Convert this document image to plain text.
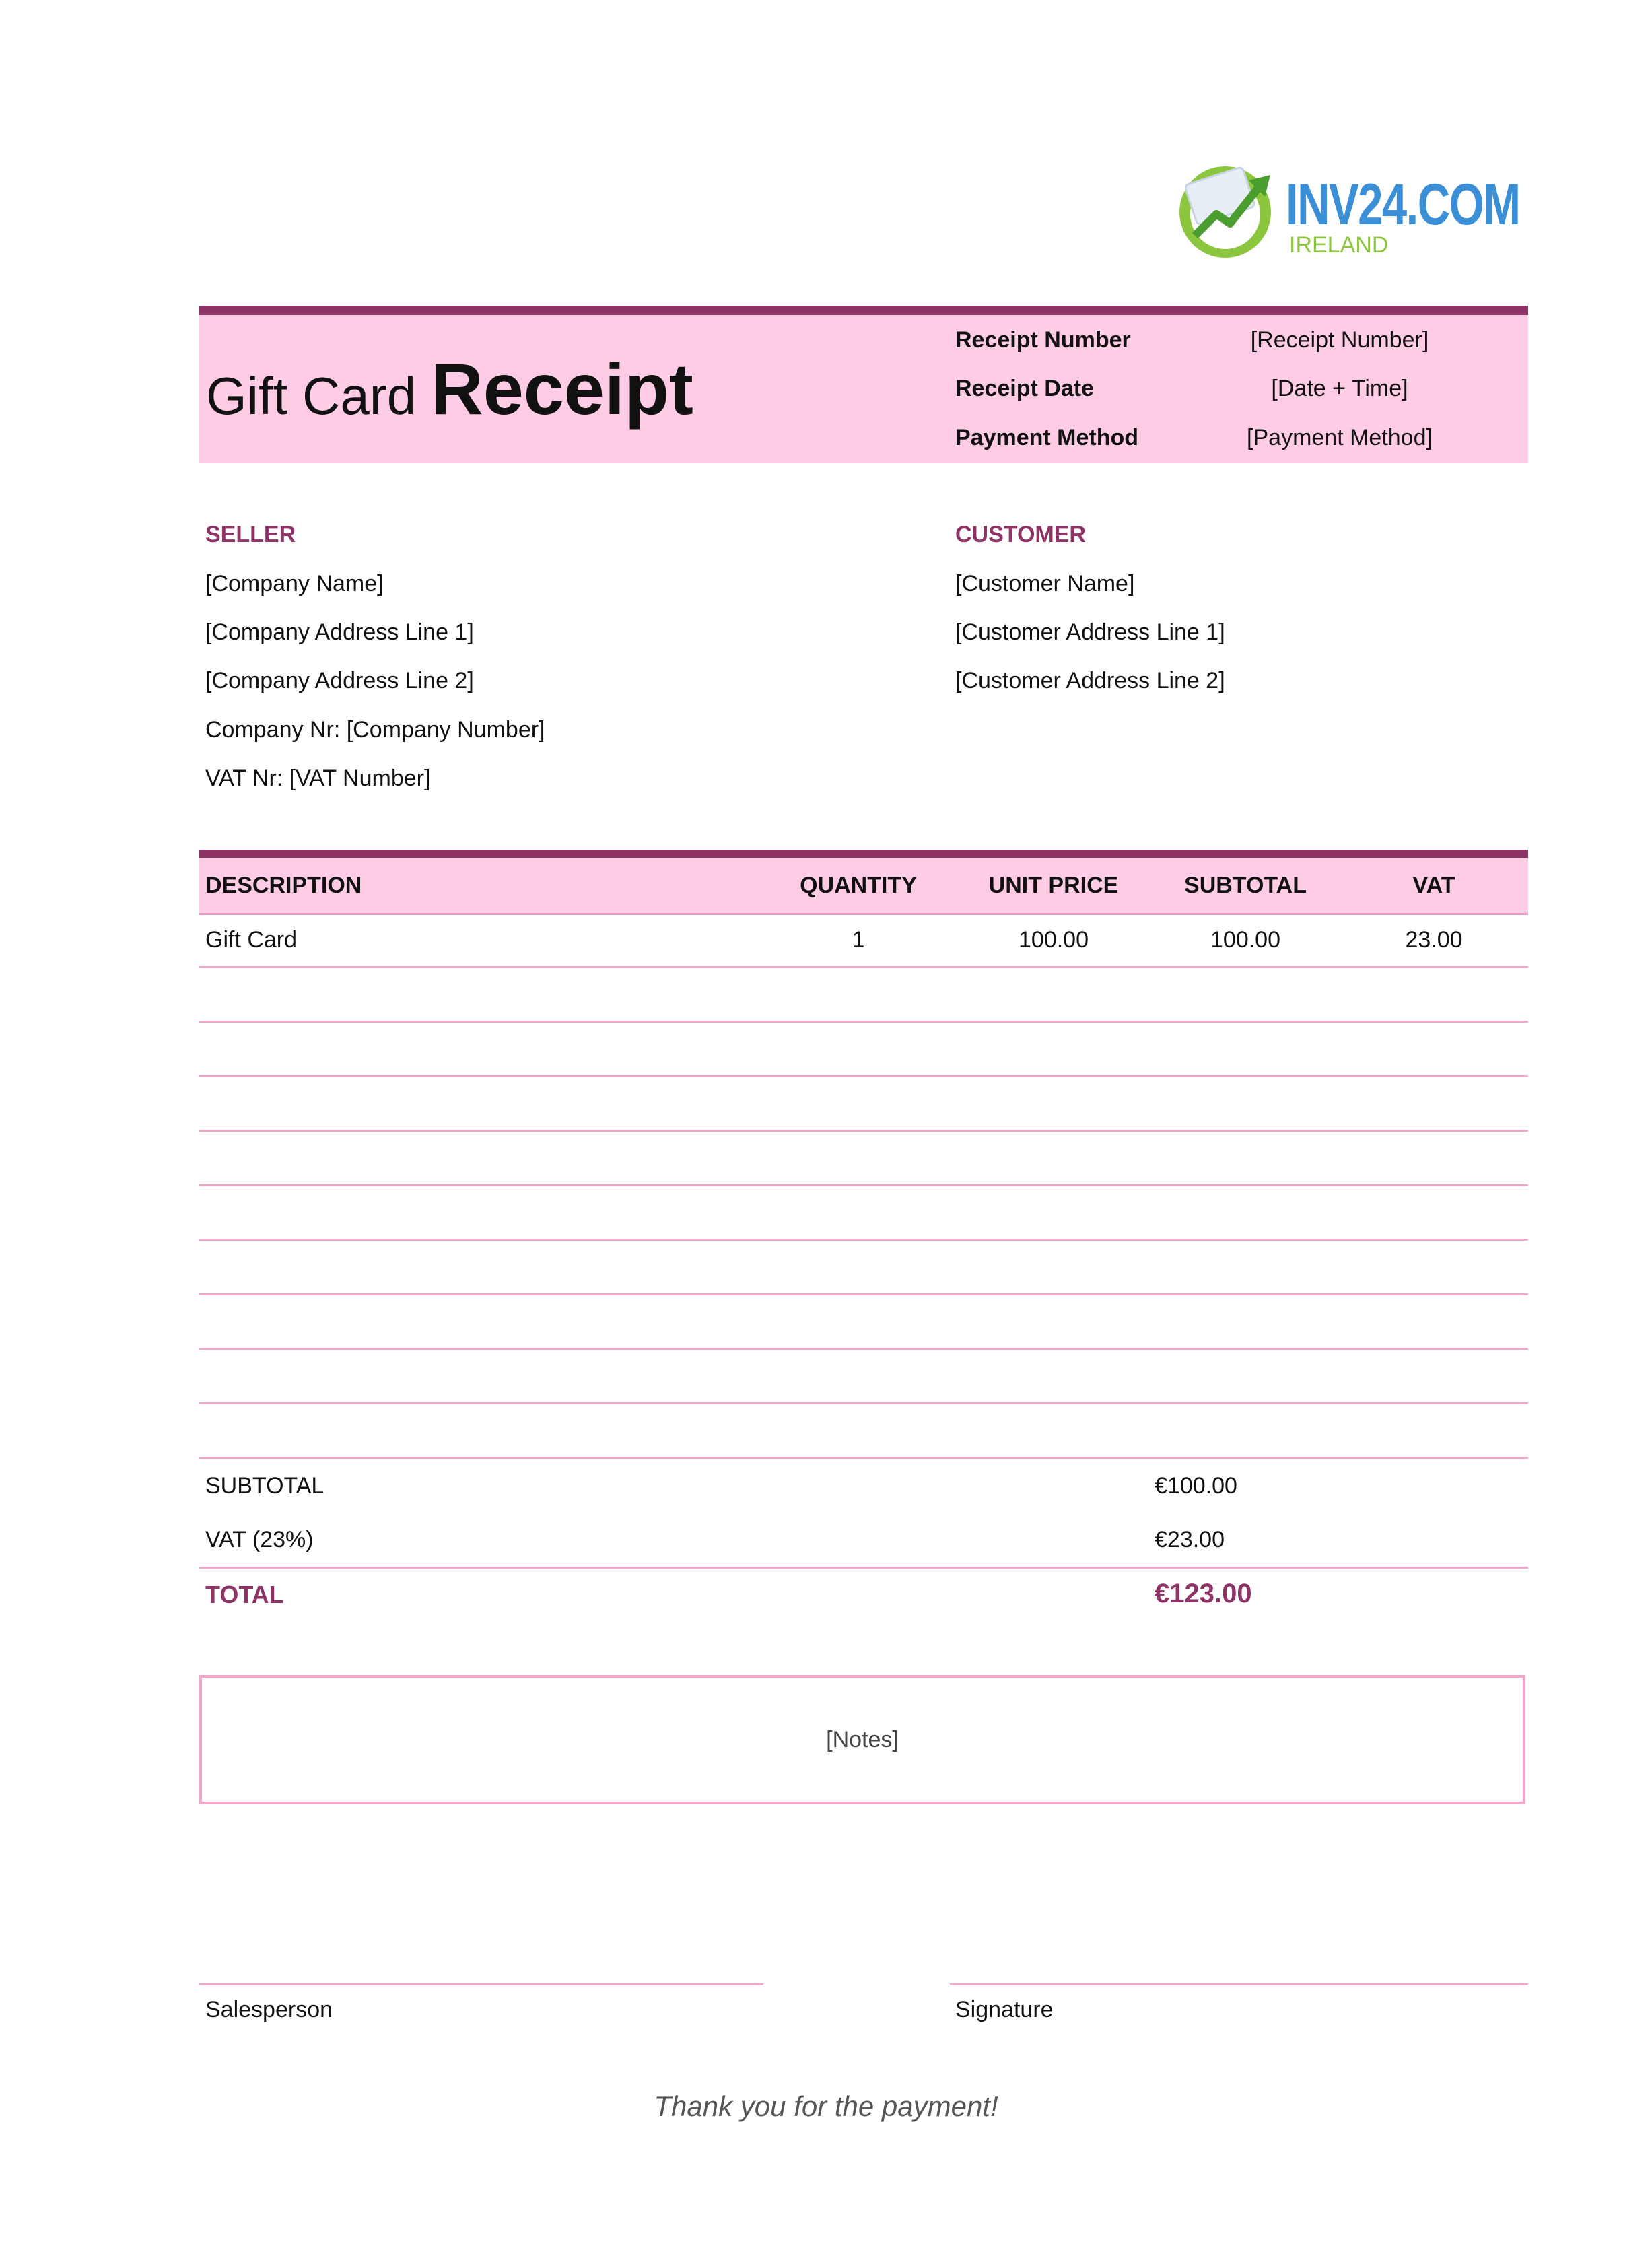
INV24.COM
IRELAND
Gift Card Receipt
Receipt Number	[Receipt Number]
Receipt Date	[Date + Time]
Payment Method	[Payment Method]
SELLER
[Company Name]
[Company Address Line 1]
[Company Address Line 2]
Company Nr: [Company Number]
VAT Nr: [VAT Number]
CUSTOMER
[Customer Name]
[Customer Address Line 1]
[Customer Address Line 2]
DESCRIPTION	QUANTITY	UNIT PRICE	SUBTOTAL	VAT
Gift Card	1	100.00	100.00	23.00
SUBTOTAL	€100.00
VAT (23%)	€23.00
TOTAL	€123.00
[Notes]
Salesperson	Signature
Thank you for the payment!
